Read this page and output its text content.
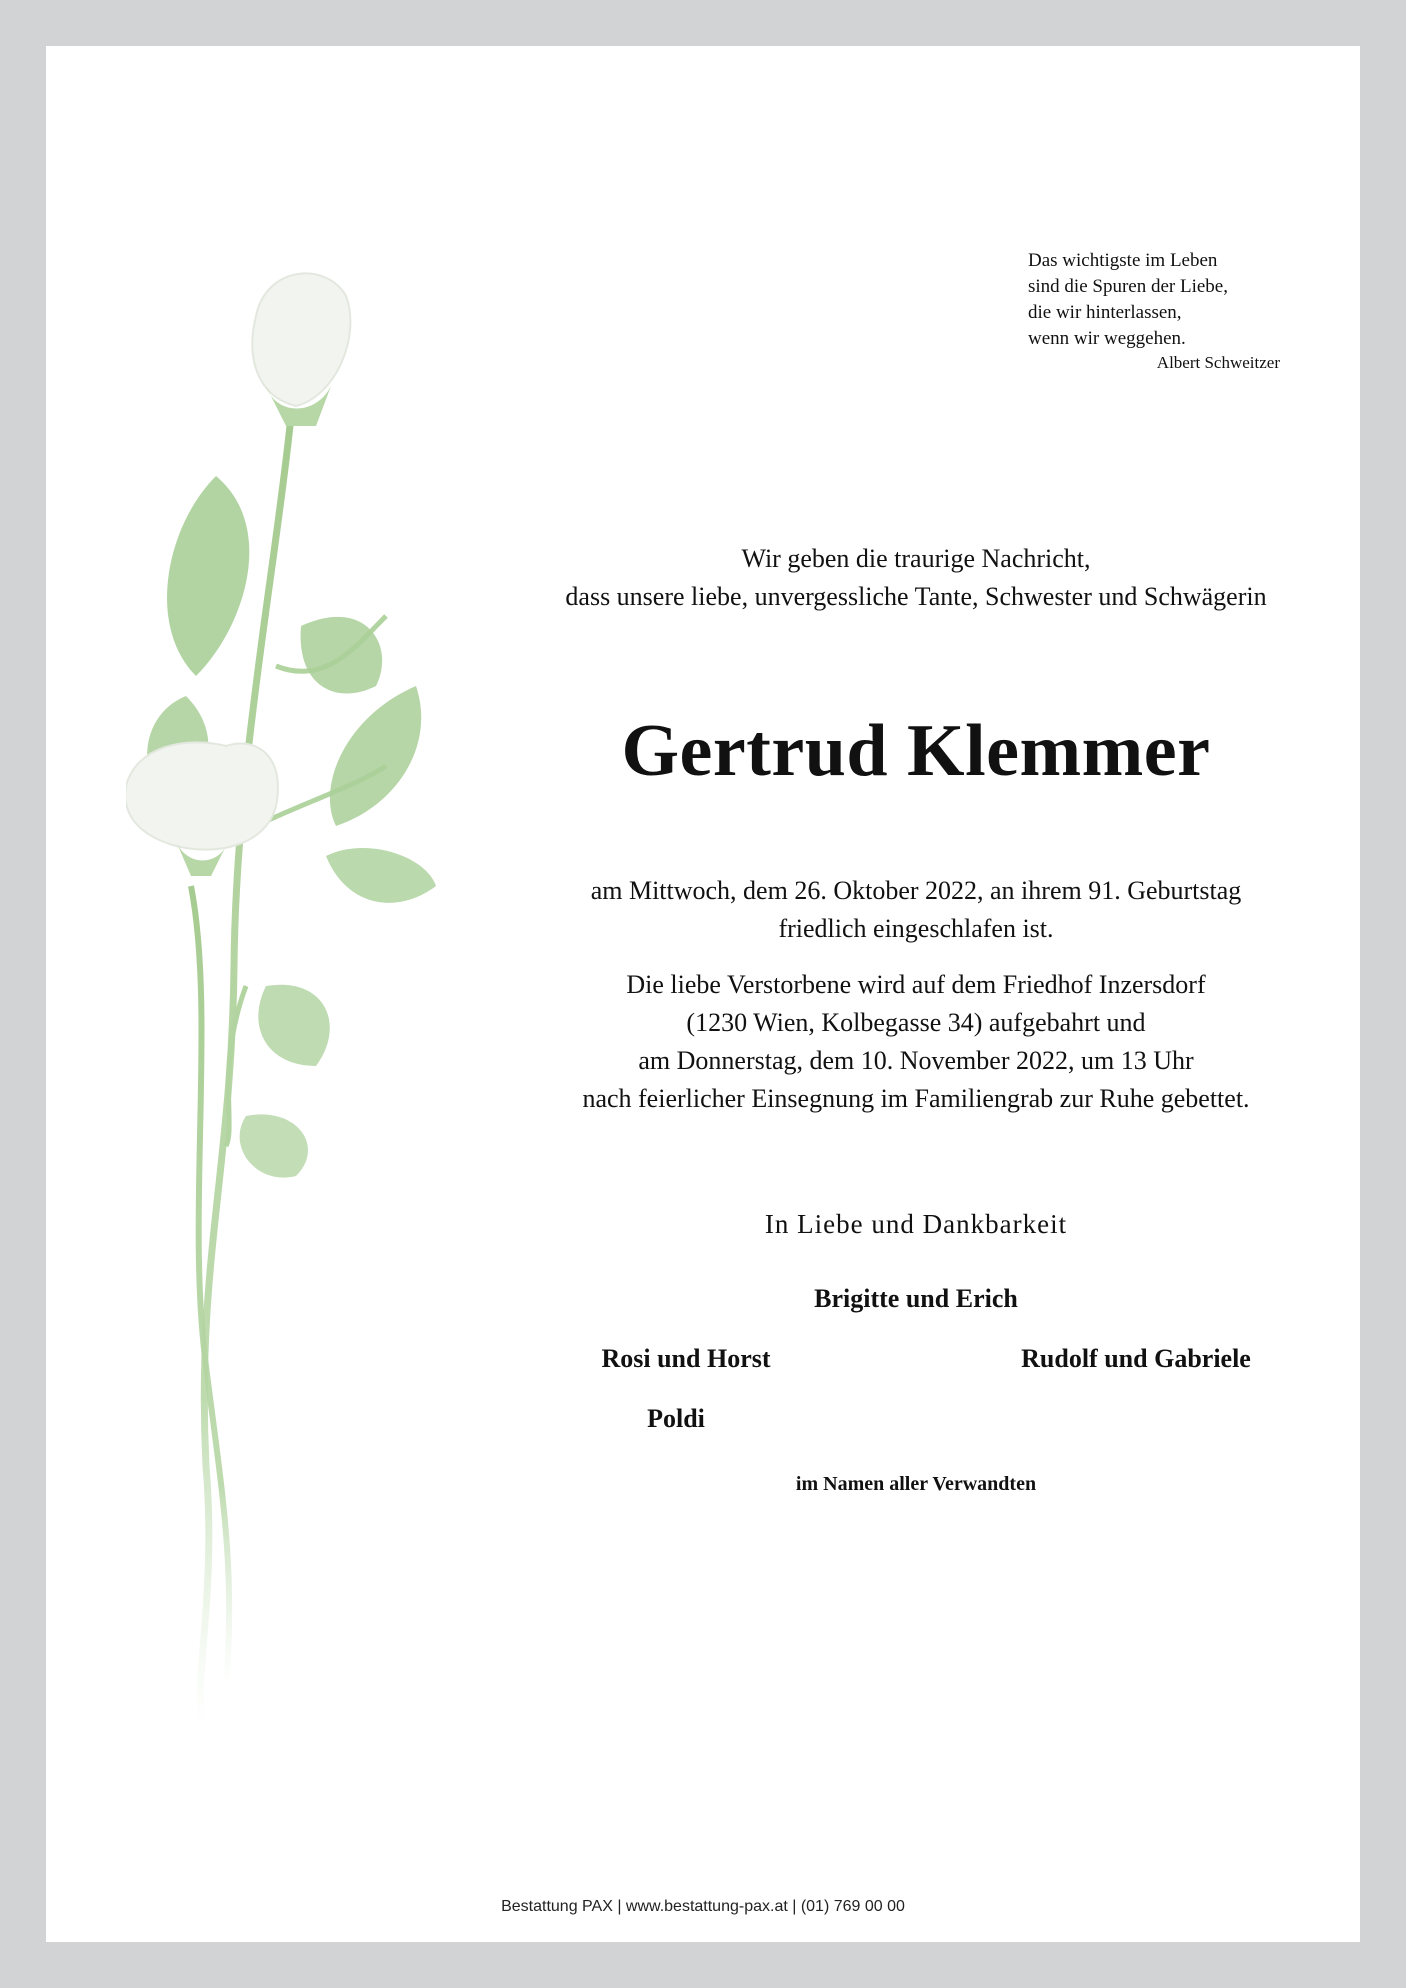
Das wichtigste im Leben
sind die Spuren der Liebe,
die wir hinterlassen,
wenn wir weggehen.
Albert Schweitzer
Wir geben die traurige Nachricht,
dass unsere liebe, unvergessliche Tante, Schwester und Schwägerin
Gertrud Klemmer
am Mittwoch, dem 26. Oktober 2022, an ihrem 91. Geburtstag
friedlich eingeschlafen ist.
Die liebe Verstorbene wird auf dem Friedhof Inzersdorf
(1230 Wien, Kolbegasse 34) aufgebahrt und
am Donnerstag, dem 10. November 2022, um 13 Uhr
nach feierlicher Einsegnung im Familiengrab zur Ruhe gebettet.
In Liebe und Dankbarkeit
Brigitte und Erich
Rosi und Horst	Rudolf und Gabriele
Poldi
im Namen aller Verwandten
Bestattung PAX | www.bestattung-pax.at | (01) 769 00 00
